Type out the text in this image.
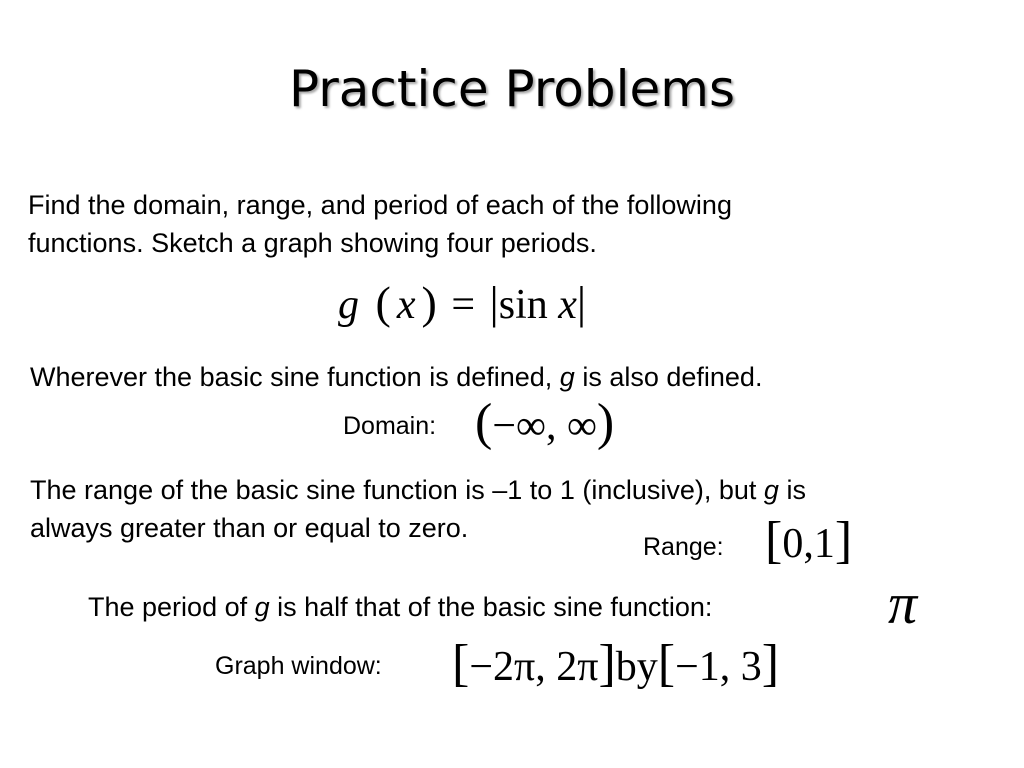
Practice Problems
Find the domain, range, and period of each of the following
functions. Sketch a graph showing four periods.
g ( x ) = |sin x|
Wherever the basic sine function is defined, g is also defined.
Domain: (−∞, ∞)
The range of the basic sine function is –1 to 1 (inclusive), but g is
always greater than or equal to zero.
Range: [0,1]
The period of g is half that of the basic sine function:	π
Graph window: [−2π, 2π]by[−1, 3]
